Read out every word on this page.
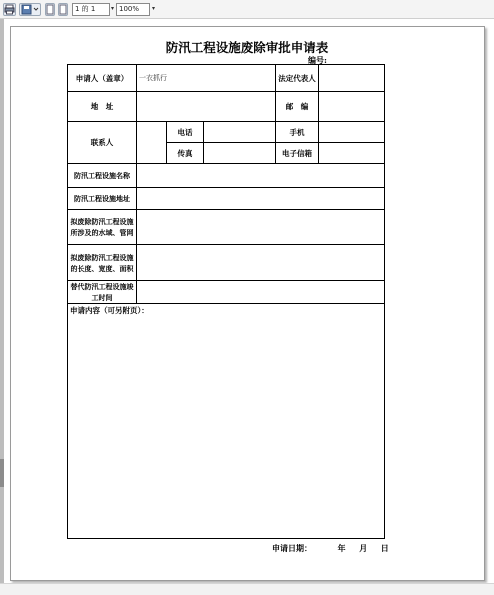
1 的 1	▾ 100%	▾
防汛工程设施废除审批申请表
编号:
申请人（盖章）	一衣抓行			法定代表人	
地　址				邮　编	
联系人		电话		手机	
		传真		电子信箱	
防汛工程设施名称					
防汛工程设施地址					
拟废除防汛工程设施所涉及的水域、管网					
拟废除防汛工程设施的长度、宽度、面积					
替代防汛工程设施竣工时间					
申请内容（可另附页）：					
申请日期：	年 月 日
